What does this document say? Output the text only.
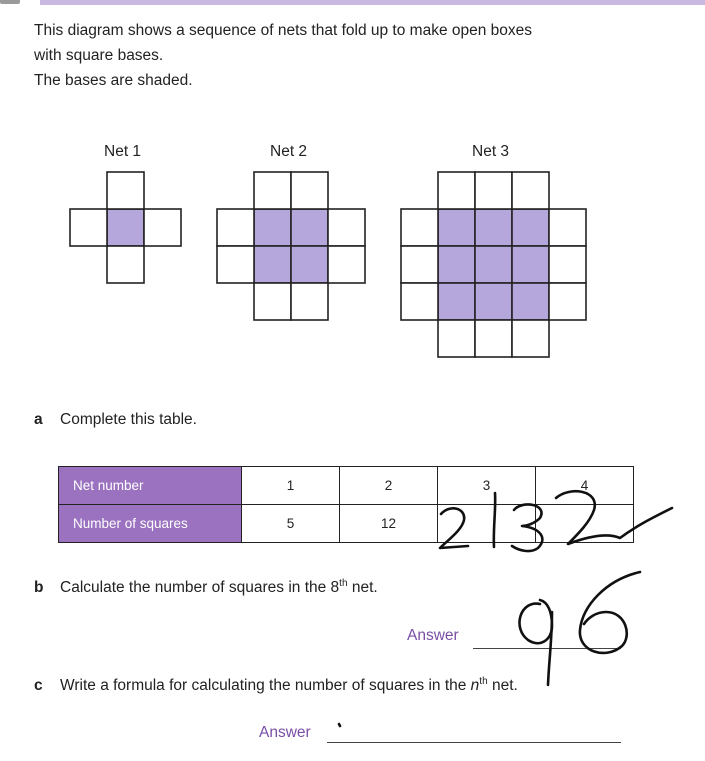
This diagram shows a sequence of nets that fold up to make open boxes

with square bases.

The bases are shaded.

Net 1	Net 2	Net 3
a Complete this table.
Net number	1	2	3	4
Number of squares	5	12		
b Calculate the number of squares in the 8th net.
Answer
c Write a formula for calculating the number of squares in the $n^{th}$ net.
Answer
